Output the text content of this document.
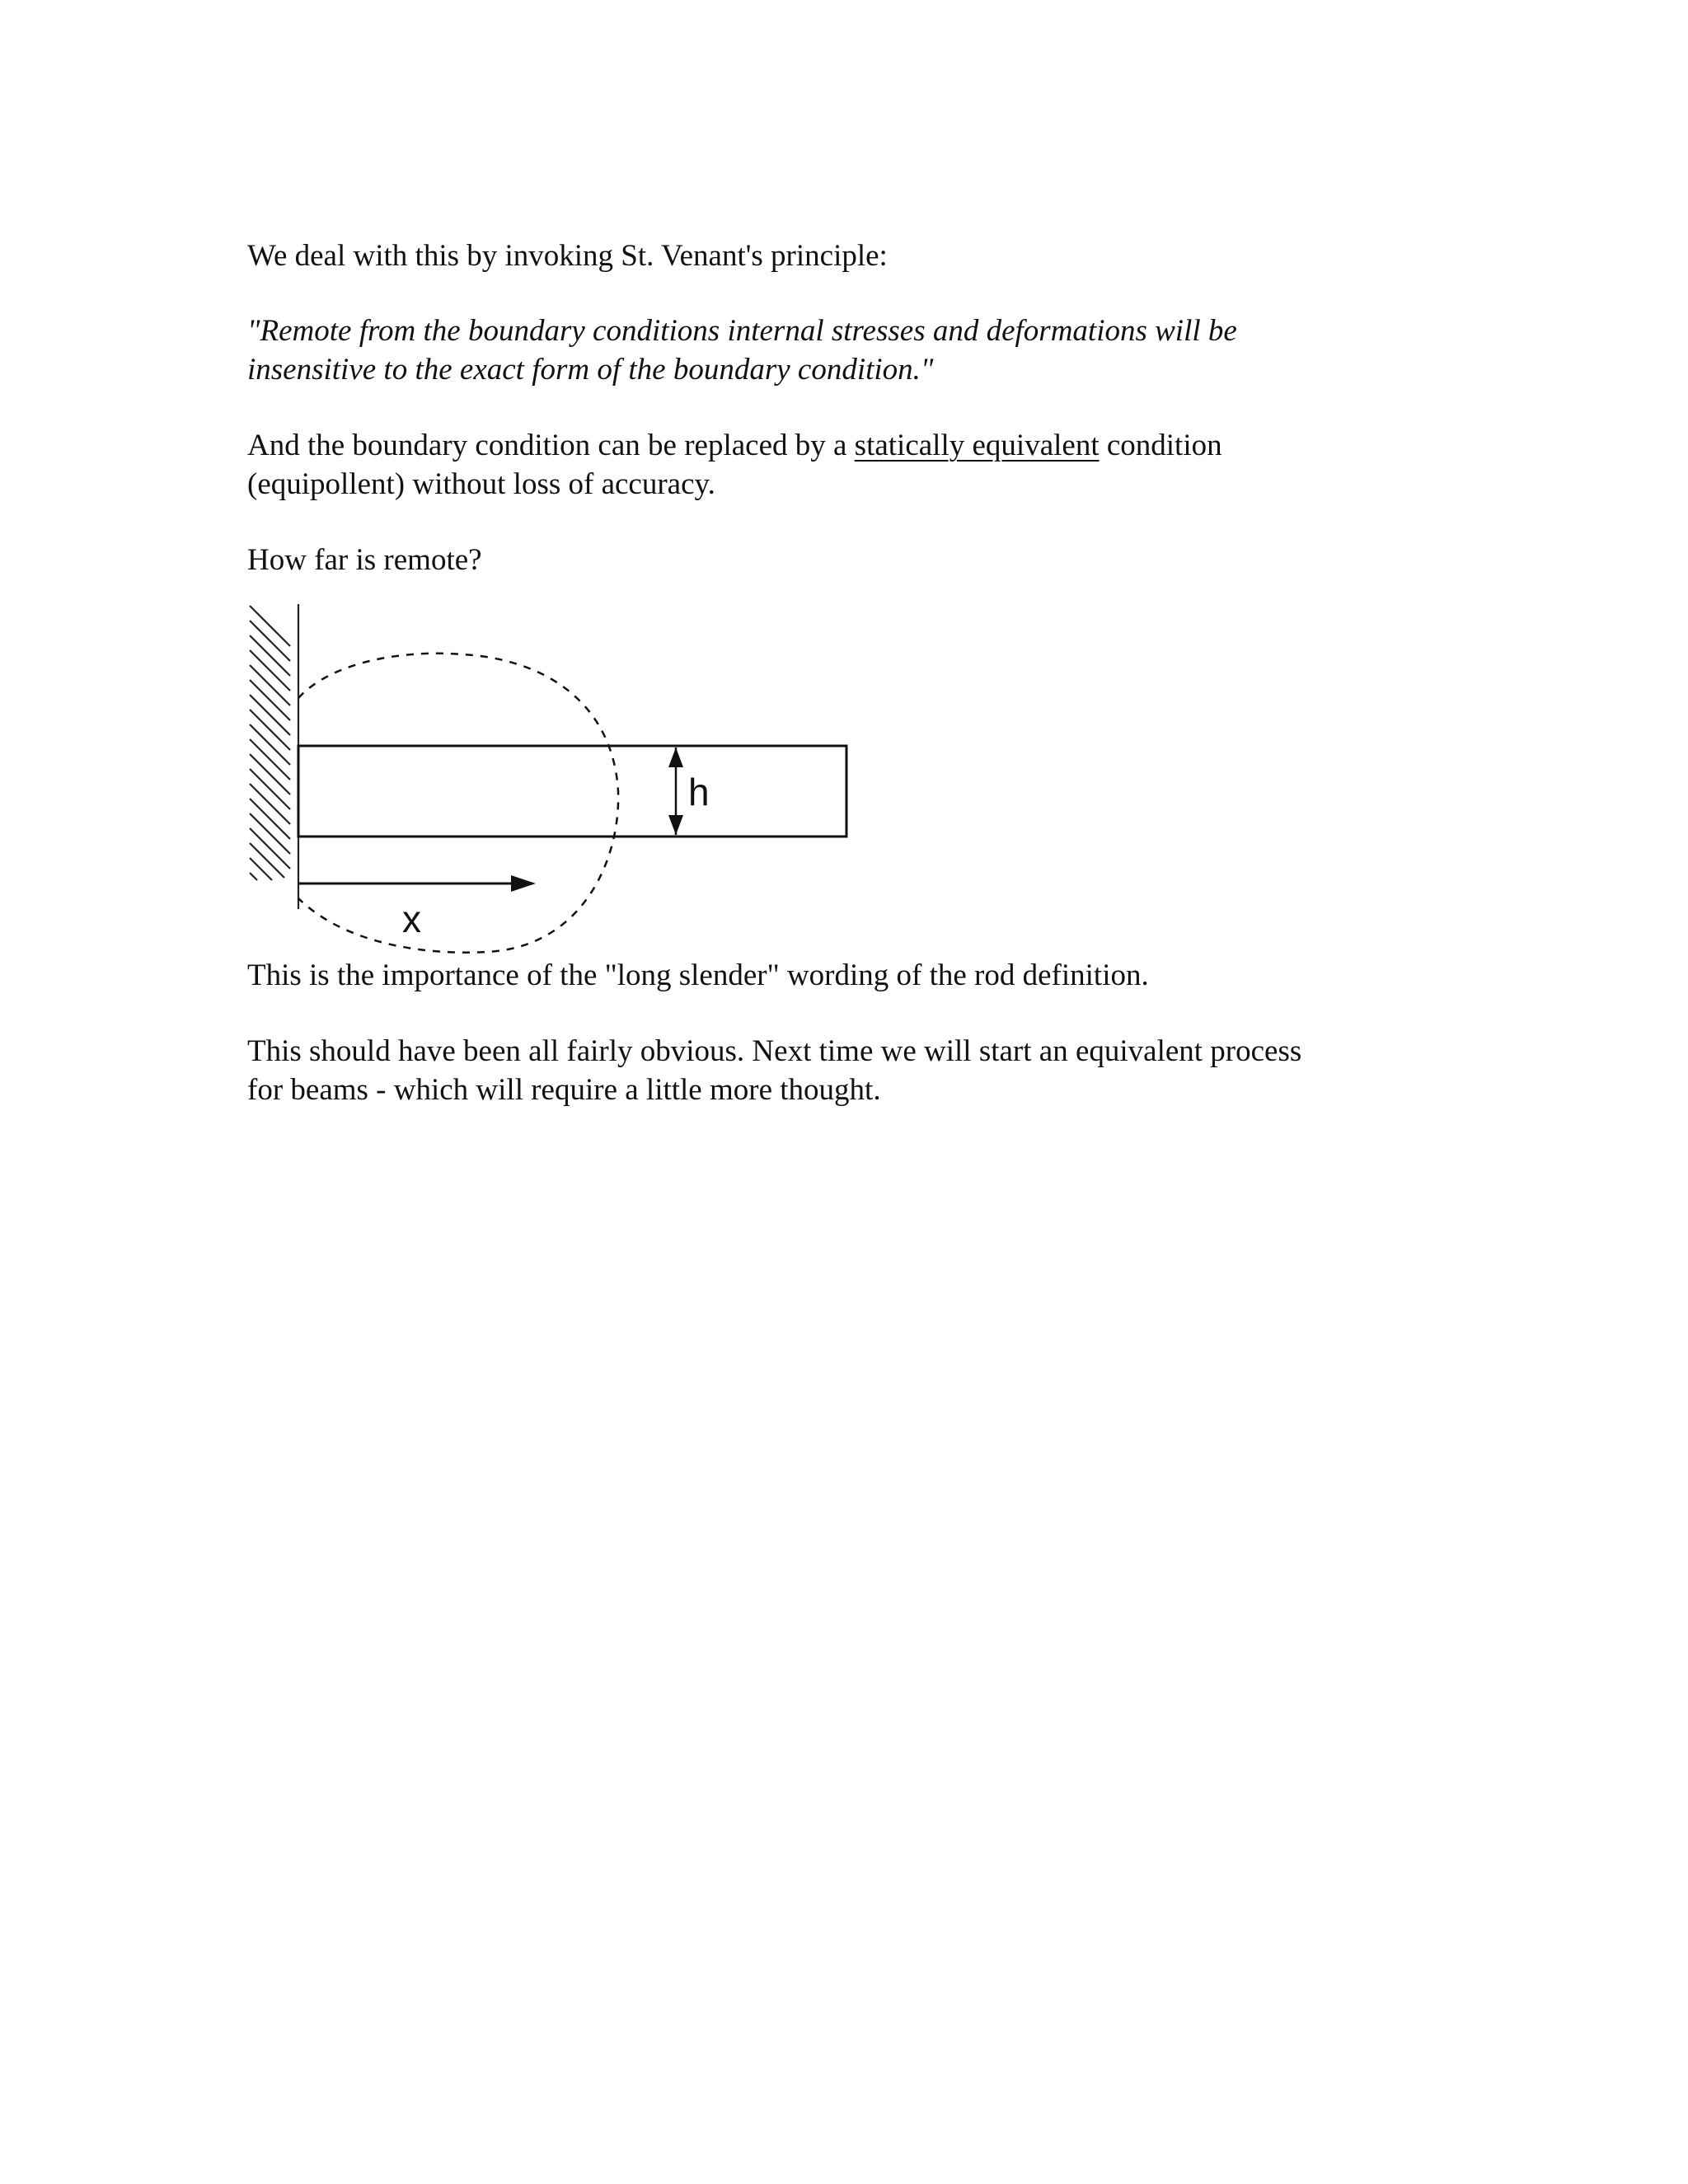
We deal with this by invoking St. Venant's principle:

"Remote from the boundary conditions internal stresses and deformations will be

insensitive to the exact form of the boundary condition."

And the boundary condition can be replaced by a statically equivalent condition

(equipollent) without loss of accuracy.

How far is remote?

h
x

This is the importance of the "long slender" wording of the rod definition.

This should have been all fairly obvious. Next time we will start an equivalent process

for beams - which will require a little more thought.
